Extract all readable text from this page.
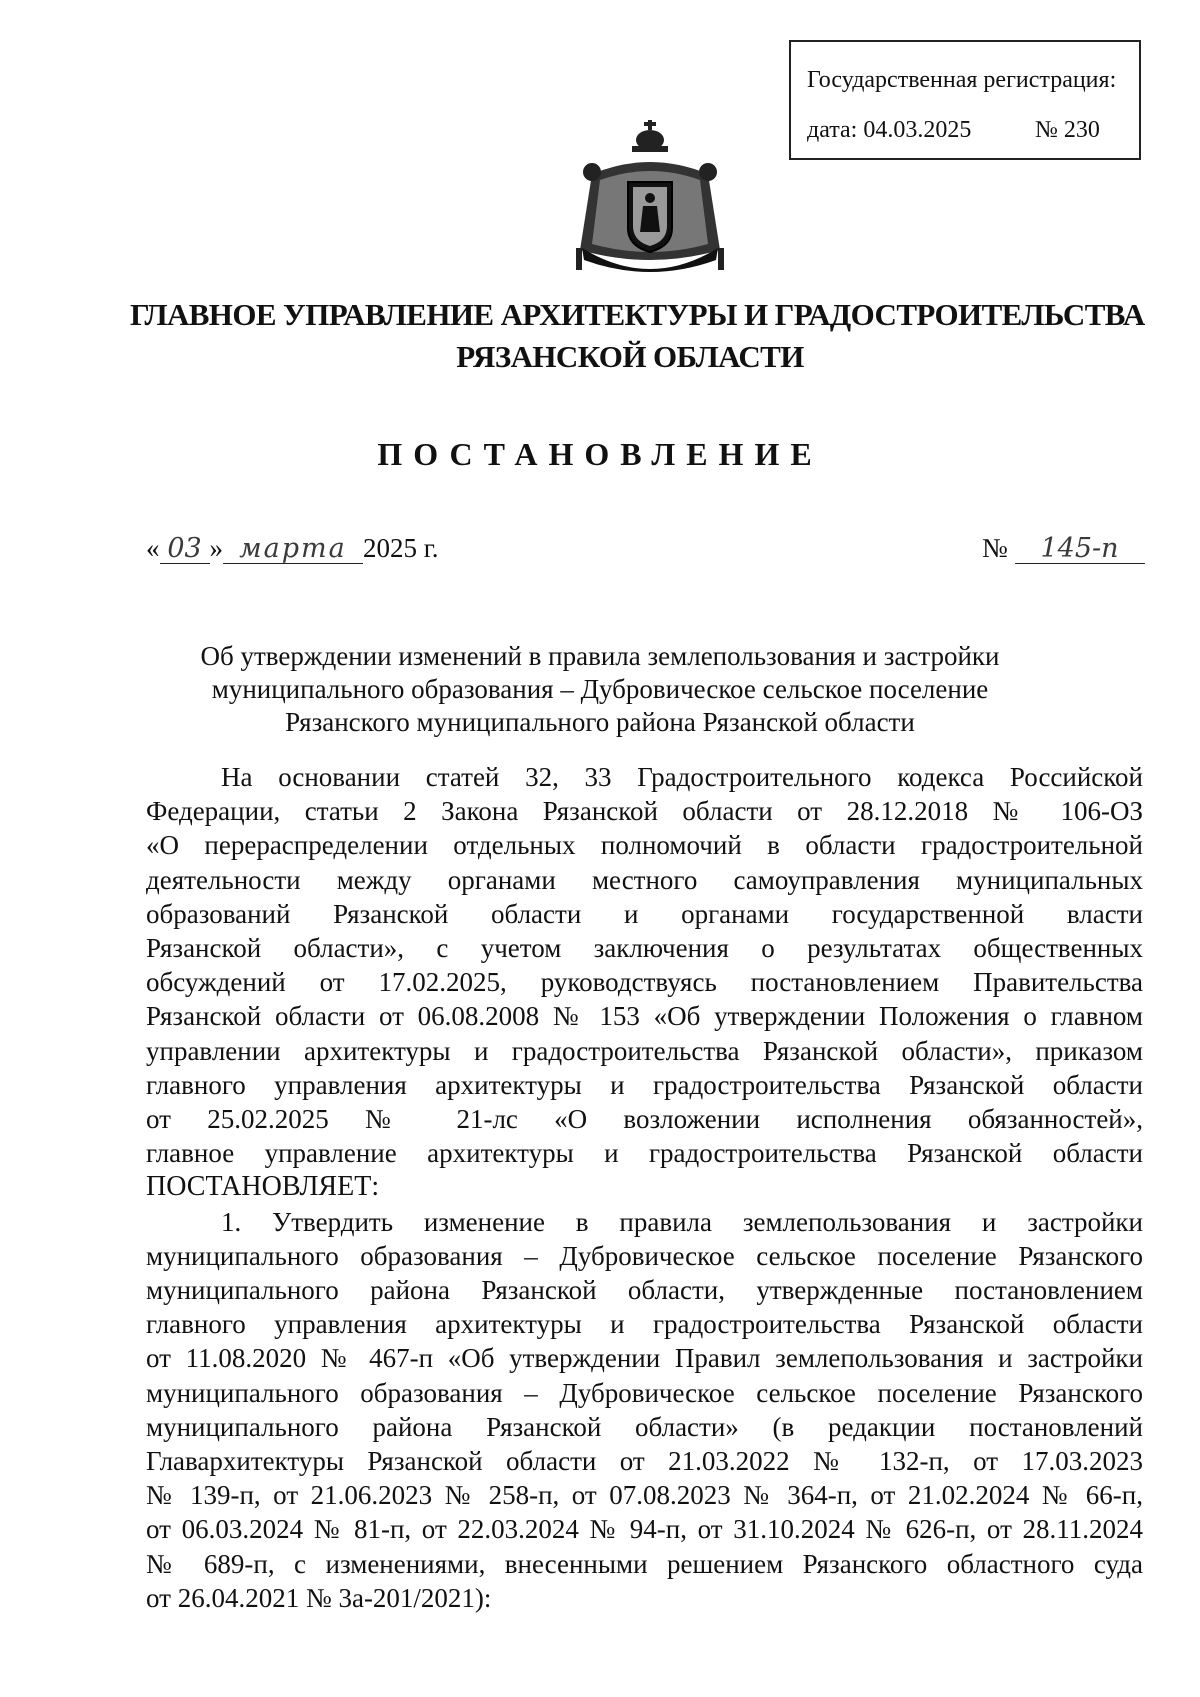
Государственная регистрация:
дата: 04.03.2025	№ 230
ГЛАВНОЕ УПРАВЛЕНИЕ АРХИТЕКТУРЫ И ГРАДОСТРОИТЕЛЬСТВА
РЯЗАНСКОЙ ОБЛАСТИ
ПОСТАНОВЛЕНИЕ
« 03 » марта 2025 г.	№ 145-п
Об утверждении изменений в правила землепользования и застройки
муниципального образования – Дубровическое сельское поселение
Рязанского муниципального района Рязанской области
На основании статей 32, 33 Градостроительного кодекса Российской
Федерации, статьи 2 Закона Рязанской области от 28.12.2018 № 106-ОЗ
«О перераспределении отдельных полномочий в области градостроительной
деятельности между органами местного самоуправления муниципальных
образований Рязанской области и органами государственной власти
Рязанской области», с учетом заключения о результатах общественных
обсуждений от 17.02.2025, руководствуясь постановлением Правительства
Рязанской области от 06.08.2008 № 153 «Об утверждении Положения о главном
управлении архитектуры и градостроительства Рязанской области», приказом
главного управления архитектуры и градостроительства Рязанской области
от 25.02.2025 № 21-лс «О возложении исполнения обязанностей»,
главное управление архитектуры и градостроительства Рязанской области
ПОСТАНОВЛЯЕТ:
1. Утвердить изменение в правила землепользования и застройки
муниципального образования – Дубровическое сельское поселение Рязанского
муниципального района Рязанской области, утвержденные постановлением
главного управления архитектуры и градостроительства Рязанской области
от 11.08.2020 № 467-п «Об утверждении Правил землепользования и застройки
муниципального образования – Дубровическое сельское поселение Рязанского
муниципального района Рязанской области» (в редакции постановлений
Главархитектуры Рязанской области от 21.03.2022 № 132-п, от 17.03.2023
№ 139-п, от 21.06.2023 № 258-п, от 07.08.2023 № 364-п, от 21.02.2024 № 66-п,
от 06.03.2024 № 81-п, от 22.03.2024 № 94-п, от 31.10.2024 № 626-п, от 28.11.2024
№ 689-п, с изменениями, внесенными решением Рязанского областного суда
от 26.04.2021 № 3а-201/2021):
